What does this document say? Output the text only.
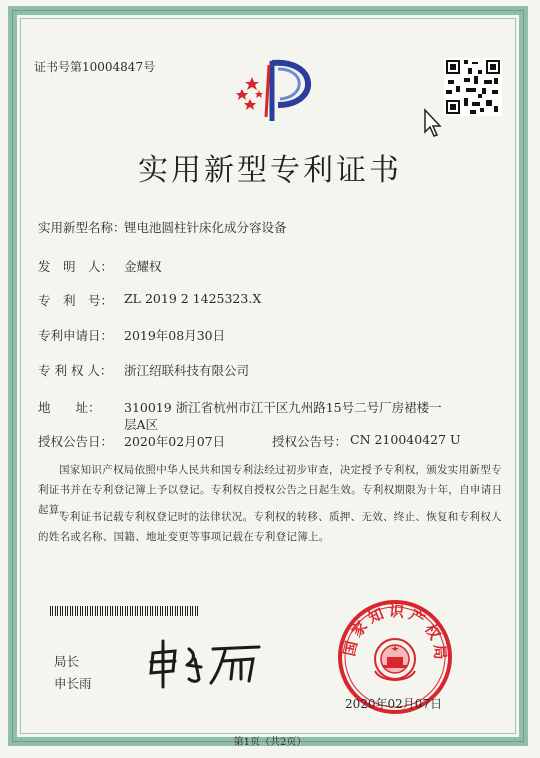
证书号第10004847号
实用新型专利证书
实用新型名称：
锂电池圆柱针床化成分容设备
发　明　人： 金耀权
专　利　号： ZL 2019 2 1425323.X
专利申请日： 2019年08月30日
专 利 权 人： 浙江绍联科技有限公司
地　　址： 310019 浙江省杭州市江干区九州路15号二号厂房裙楼一
层A区
授权公告日： 2020年02月07日	授权公告号： CN 210040427 U
国家知识产权局依照中华人民共和国专利法经过初步审查，决定授予专利权，颁发实用新型专利证书并在专利登记簿上予以登记。专利权自授权公告之日起生效。专利权期限为十年，自申请日起算。
专利证书记载专利权登记时的法律状况。专利权的转移、质押、无效、终止、恢复和专利权人的姓名或名称、国籍、地址变更等事项记载在专利登记簿上。
局长
申长雨
国家知识产权局
2020年02月07日
第1页（共2页）
